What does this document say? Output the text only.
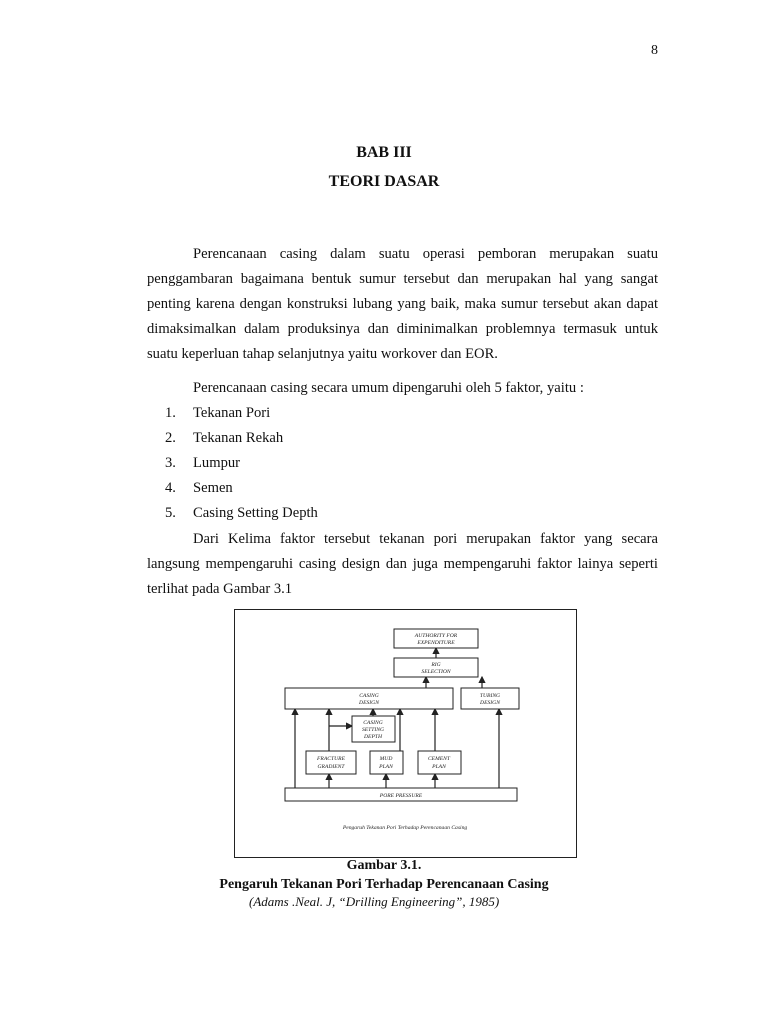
8
BAB III
TEORI DASAR

Perencanaan casing dalam suatu operasi pemboran merupakan suatu penggambaran bagaimana bentuk sumur tersebut dan merupakan hal yang sangat penting karena dengan konstruksi lubang yang baik, maka sumur tersebut akan dapat dimaksimalkan dalam produksinya dan diminimalkan problemnya termasuk untuk suatu keperluan tahap selanjutnya yaitu workover dan EOR.

Perencanaan casing secara umum dipengaruhi oleh 5 faktor, yaitu :

1.	Tekanan Pori
2.	Tekanan Rekah
3.	Lumpur
4.	Semen
5.	Casing Setting Depth

Dari Kelima faktor tersebut tekanan pori merupakan faktor yang secara langsung mempengaruhi casing design dan juga mempengaruhi faktor lainya seperti terlihat pada Gambar 3.1

AUTHORITY FOR
EXPENDITURE
RIG
SELECTION
CASING
DESIGN
TUBING
DESIGN
CASING
SETTING
DEPTH
FRACTURE
GRADIENT
MUD
PLAN
CEMENT
PLAN
PORE PRESSURE
Pengaruh Tekanan Pori Terhadap Perencanaan Casing
Gambar 3.1.
Pengaruh Tekanan Pori Terhadap Perencanaan Casing
(Adams .Neal. J, “Drilling Engineering”, 1985)
